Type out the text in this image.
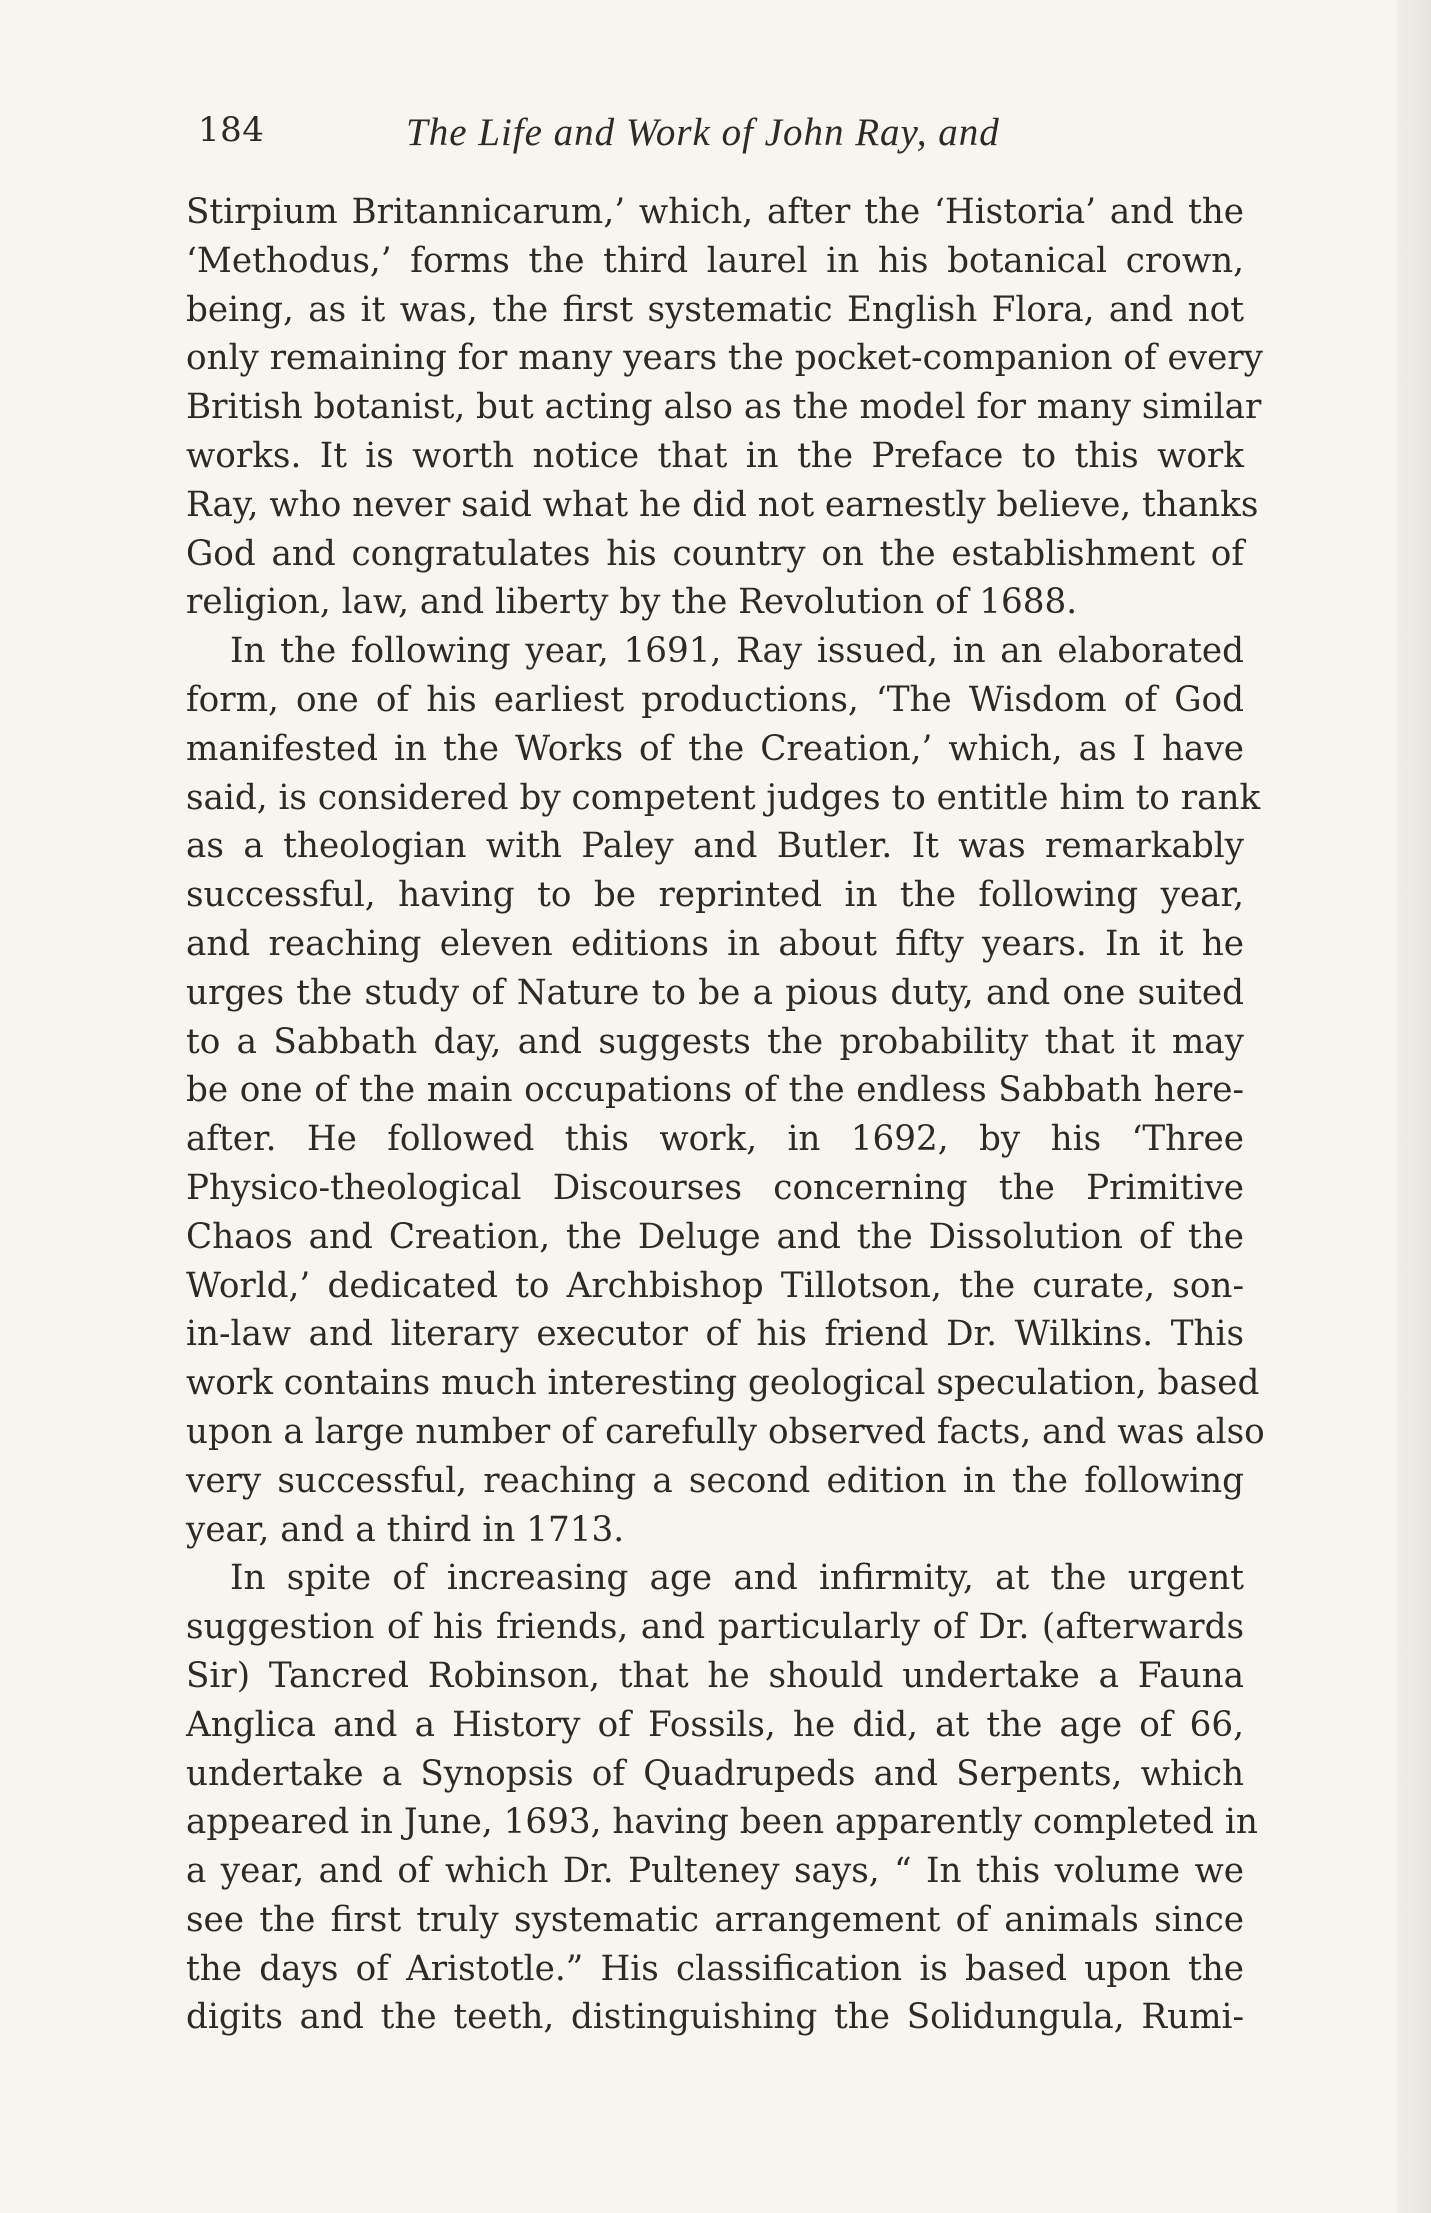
184	The Life and Work of John Ray, and
Stirpium Britannicarum,’ which, after the ‘Historia’ and the
‘Methodus,’ forms the third laurel in his botanical crown,
being, as it was, the first systematic English Flora, and not
only remaining for many years the pocket-companion of every
British botanist, but acting also as the model for many similar
works. It is worth notice that in the Preface to this work
Ray, who never said what he did not earnestly believe, thanks
God and congratulates his country on the establishment of
religion, law, and liberty by the Revolution of 1688.
In the following year, 1691, Ray issued, in an elaborated
form, one of his earliest productions, ‘The Wisdom of God
manifested in the Works of the Creation,’ which, as I have
said, is considered by competent judges to entitle him to rank
as a theologian with Paley and Butler. It was remarkably
successful, having to be reprinted in the following year,
and reaching eleven editions in about fifty years. In it he
urges the study of Nature to be a pious duty, and one suited
to a Sabbath day, and suggests the probability that it may
be one of the main occupations of the endless Sabbath here-
after. He followed this work, in 1692, by his ‘Three
Physico-theological Discourses concerning the Primitive
Chaos and Creation, the Deluge and the Dissolution of the
World,’ dedicated to Archbishop Tillotson, the curate, son-
in-law and literary executor of his friend Dr. Wilkins. This
work contains much interesting geological speculation, based
upon a large number of carefully observed facts, and was also
very successful, reaching a second edition in the following
year, and a third in 1713.
In spite of increasing age and infirmity, at the urgent
suggestion of his friends, and particularly of Dr. (afterwards
Sir) Tancred Robinson, that he should undertake a Fauna
Anglica and a History of Fossils, he did, at the age of 66,
undertake a Synopsis of Quadrupeds and Serpents, which
appeared in June, 1693, having been apparently completed in
a year, and of which Dr. Pulteney says, “ In this volume we
see the first truly systematic arrangement of animals since
the days of Aristotle.” His classification is based upon the
digits and the teeth, distinguishing the Solidungula, Rumi-
